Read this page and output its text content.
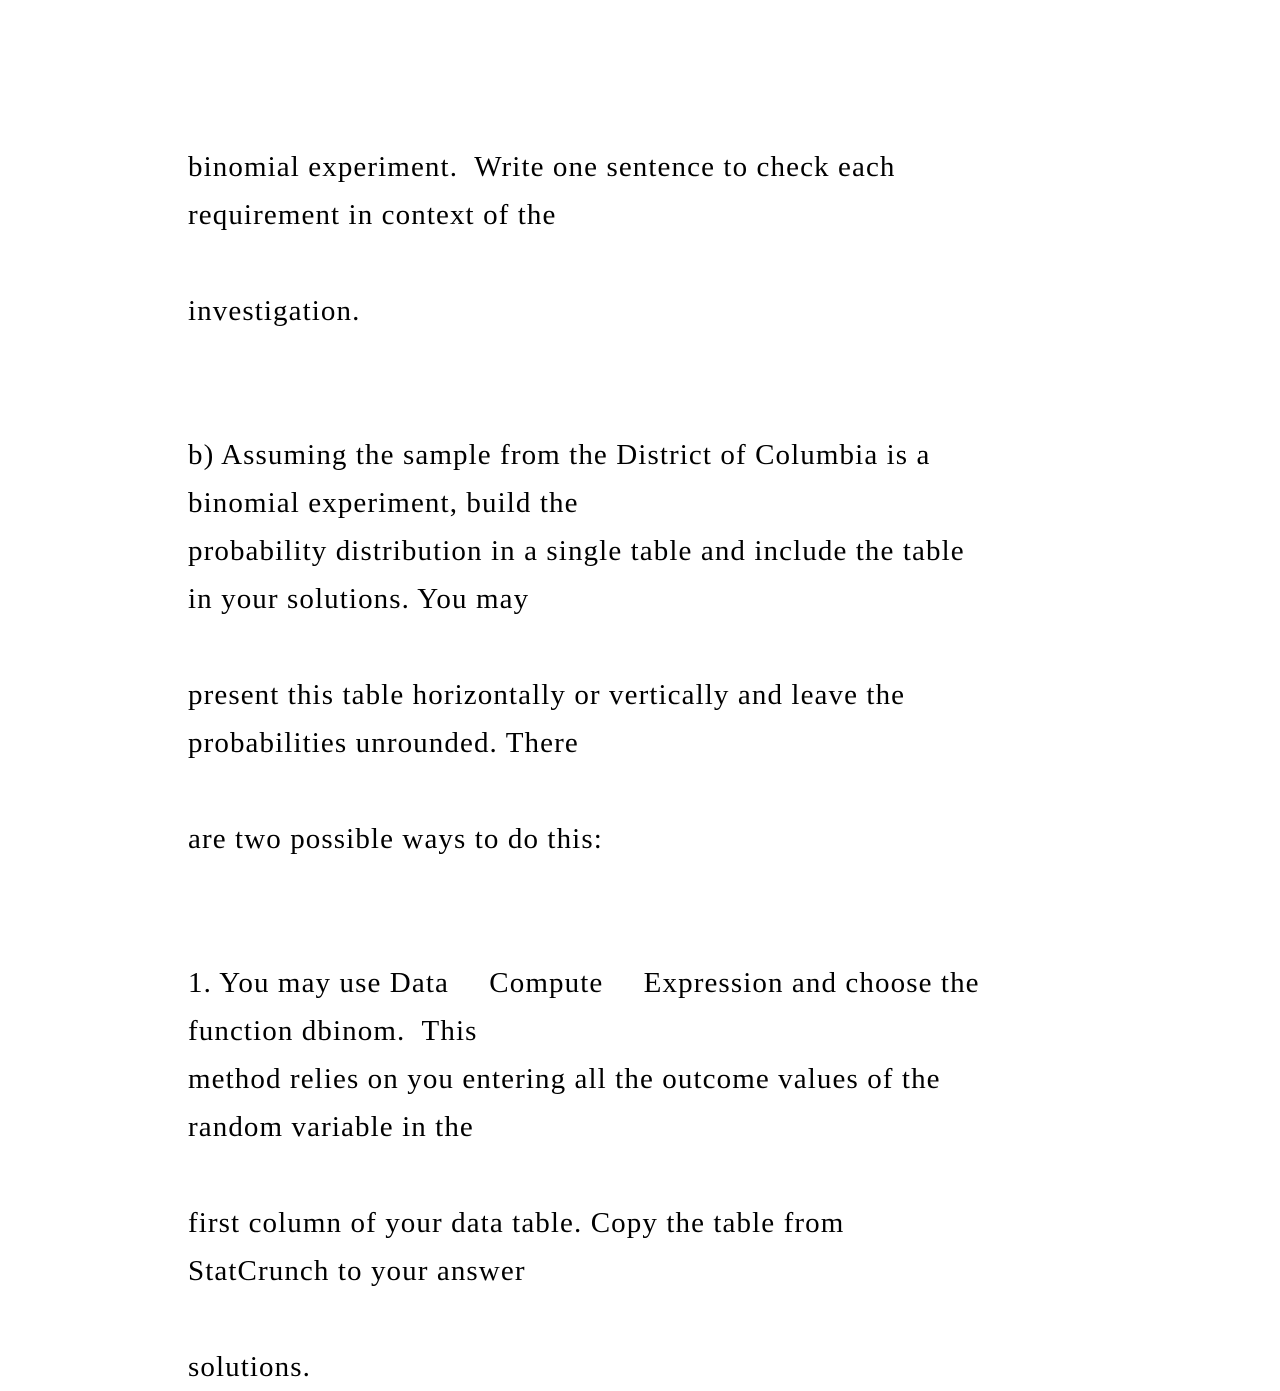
binomial experiment.  Write one sentence to check each

requirement in context of the

investigation.

b) Assuming the sample from the District of Columbia is a

binomial experiment, build the

probability distribution in a single table and include the table

in your solutions. You may

present this table horizontally or vertically and leave the

probabilities unrounded. There

are two possible ways to do this:

1. You may use Data   Compute   Expression and choose the

function dbinom.  This

method relies on you entering all the outcome values of the

random variable in the

first column of your data table. Copy the table from

StatCrunch to your answer

solutions.
